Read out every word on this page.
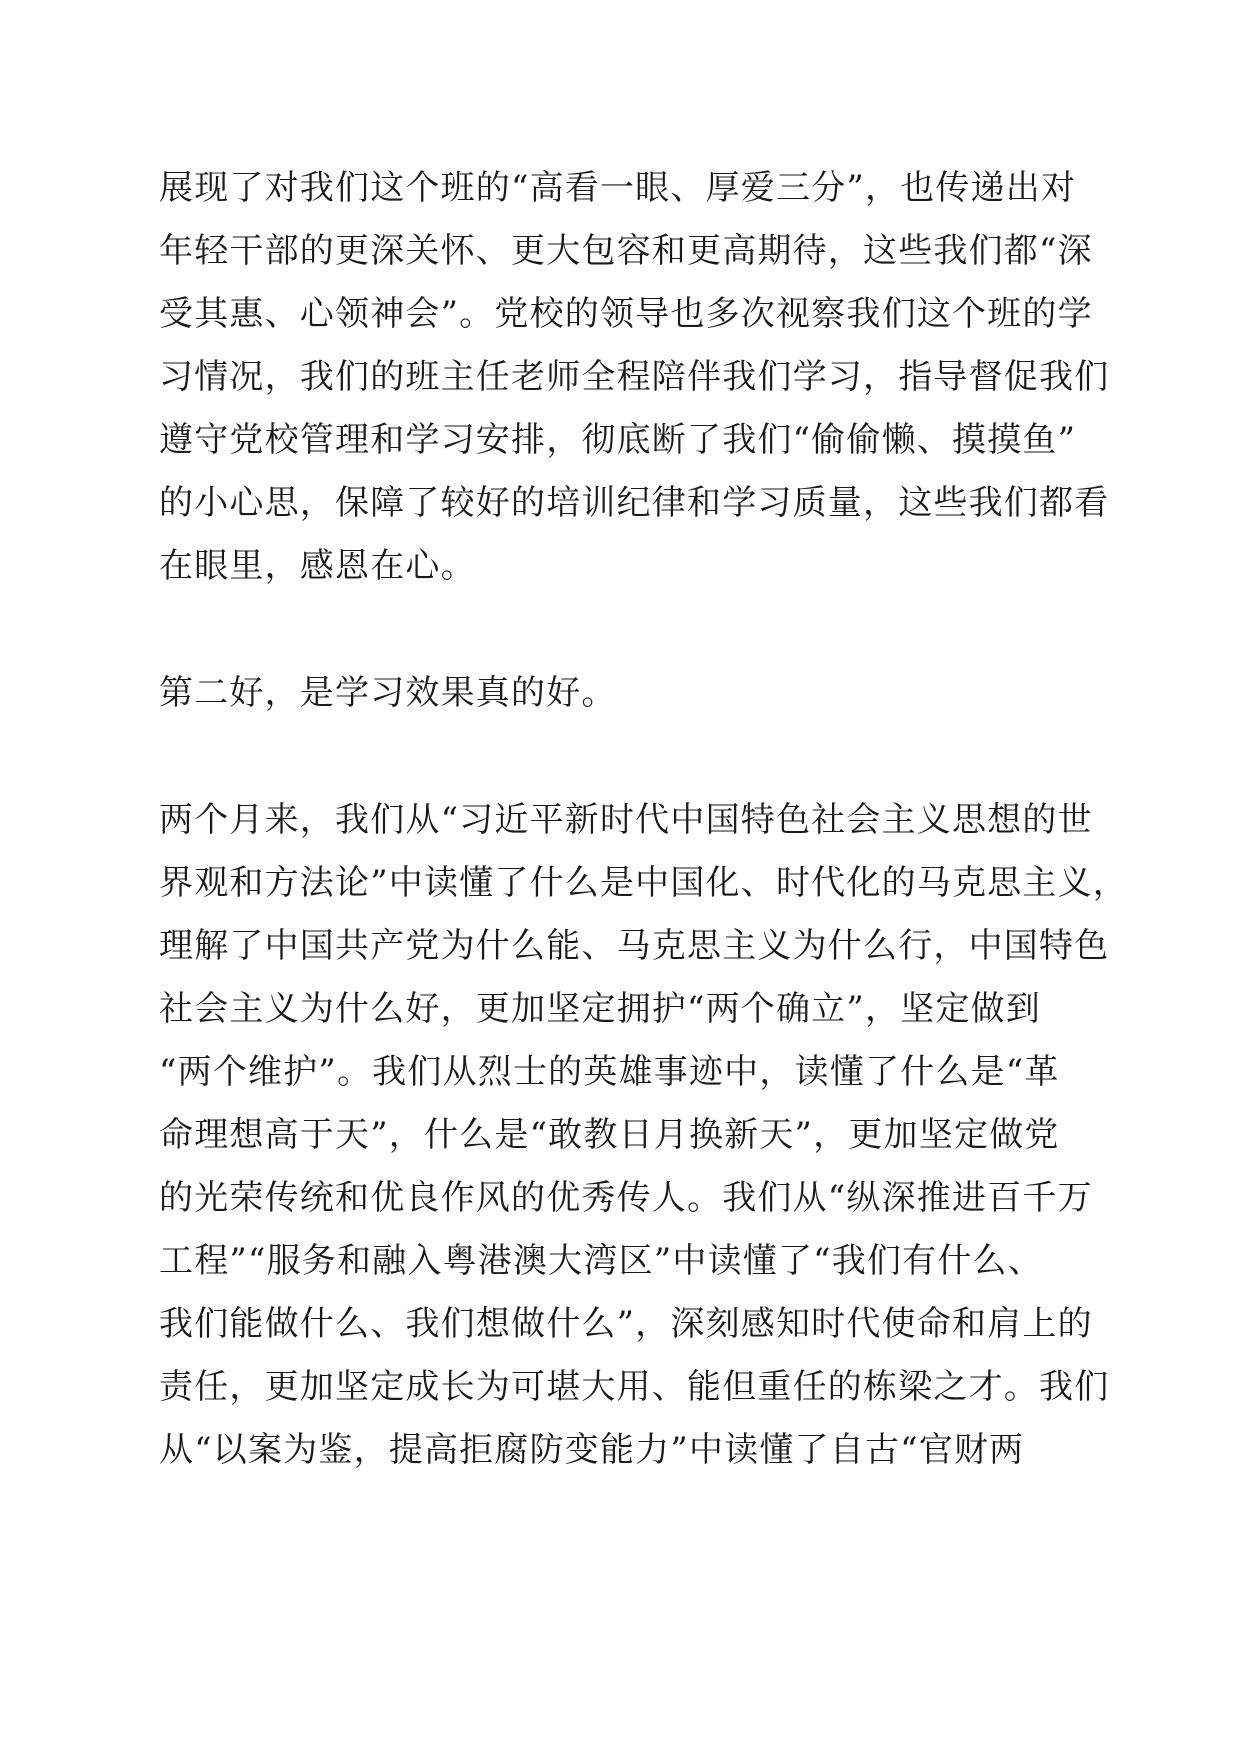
展现了对我们这个班的“高看一眼、厚爱三分”，也传递出对
年轻干部的更深关怀、更大包容和更高期待，这些我们都“深
受其惠、心领神会”。党校的领导也多次视察我们这个班的学
习情况，我们的班主任老师全程陪伴我们学习，指导督促我们
遵守党校管理和学习安排，彻底断了我们“偷偷懒、摸摸鱼”
的小心思，保障了较好的培训纪律和学习质量，这些我们都看
在眼里，感恩在心。
第二好，是学习效果真的好。
两个月来，我们从“习近平新时代中国特色社会主义思想的世
界观和方法论”中读懂了什么是中国化、时代化的马克思主义，
理解了中国共产党为什么能、马克思主义为什么行，中国特色
社会主义为什么好，更加坚定拥护“两个确立”，坚定做到
“两个维护”。我们从烈士的英雄事迹中，读懂了什么是“革
命理想高于天”，什么是“敢教日月换新天”，更加坚定做党
的光荣传统和优良作风的优秀传人。我们从“纵深推进百千万
工程”“服务和融入粤港澳大湾区”中读懂了“我们有什么、
我们能做什么、我们想做什么”，深刻感知时代使命和肩上的
责任，更加坚定成长为可堪大用、能但重任的栋梁之才。我们
从“以案为鉴，提高拒腐防变能力”中读懂了自古“官财两
